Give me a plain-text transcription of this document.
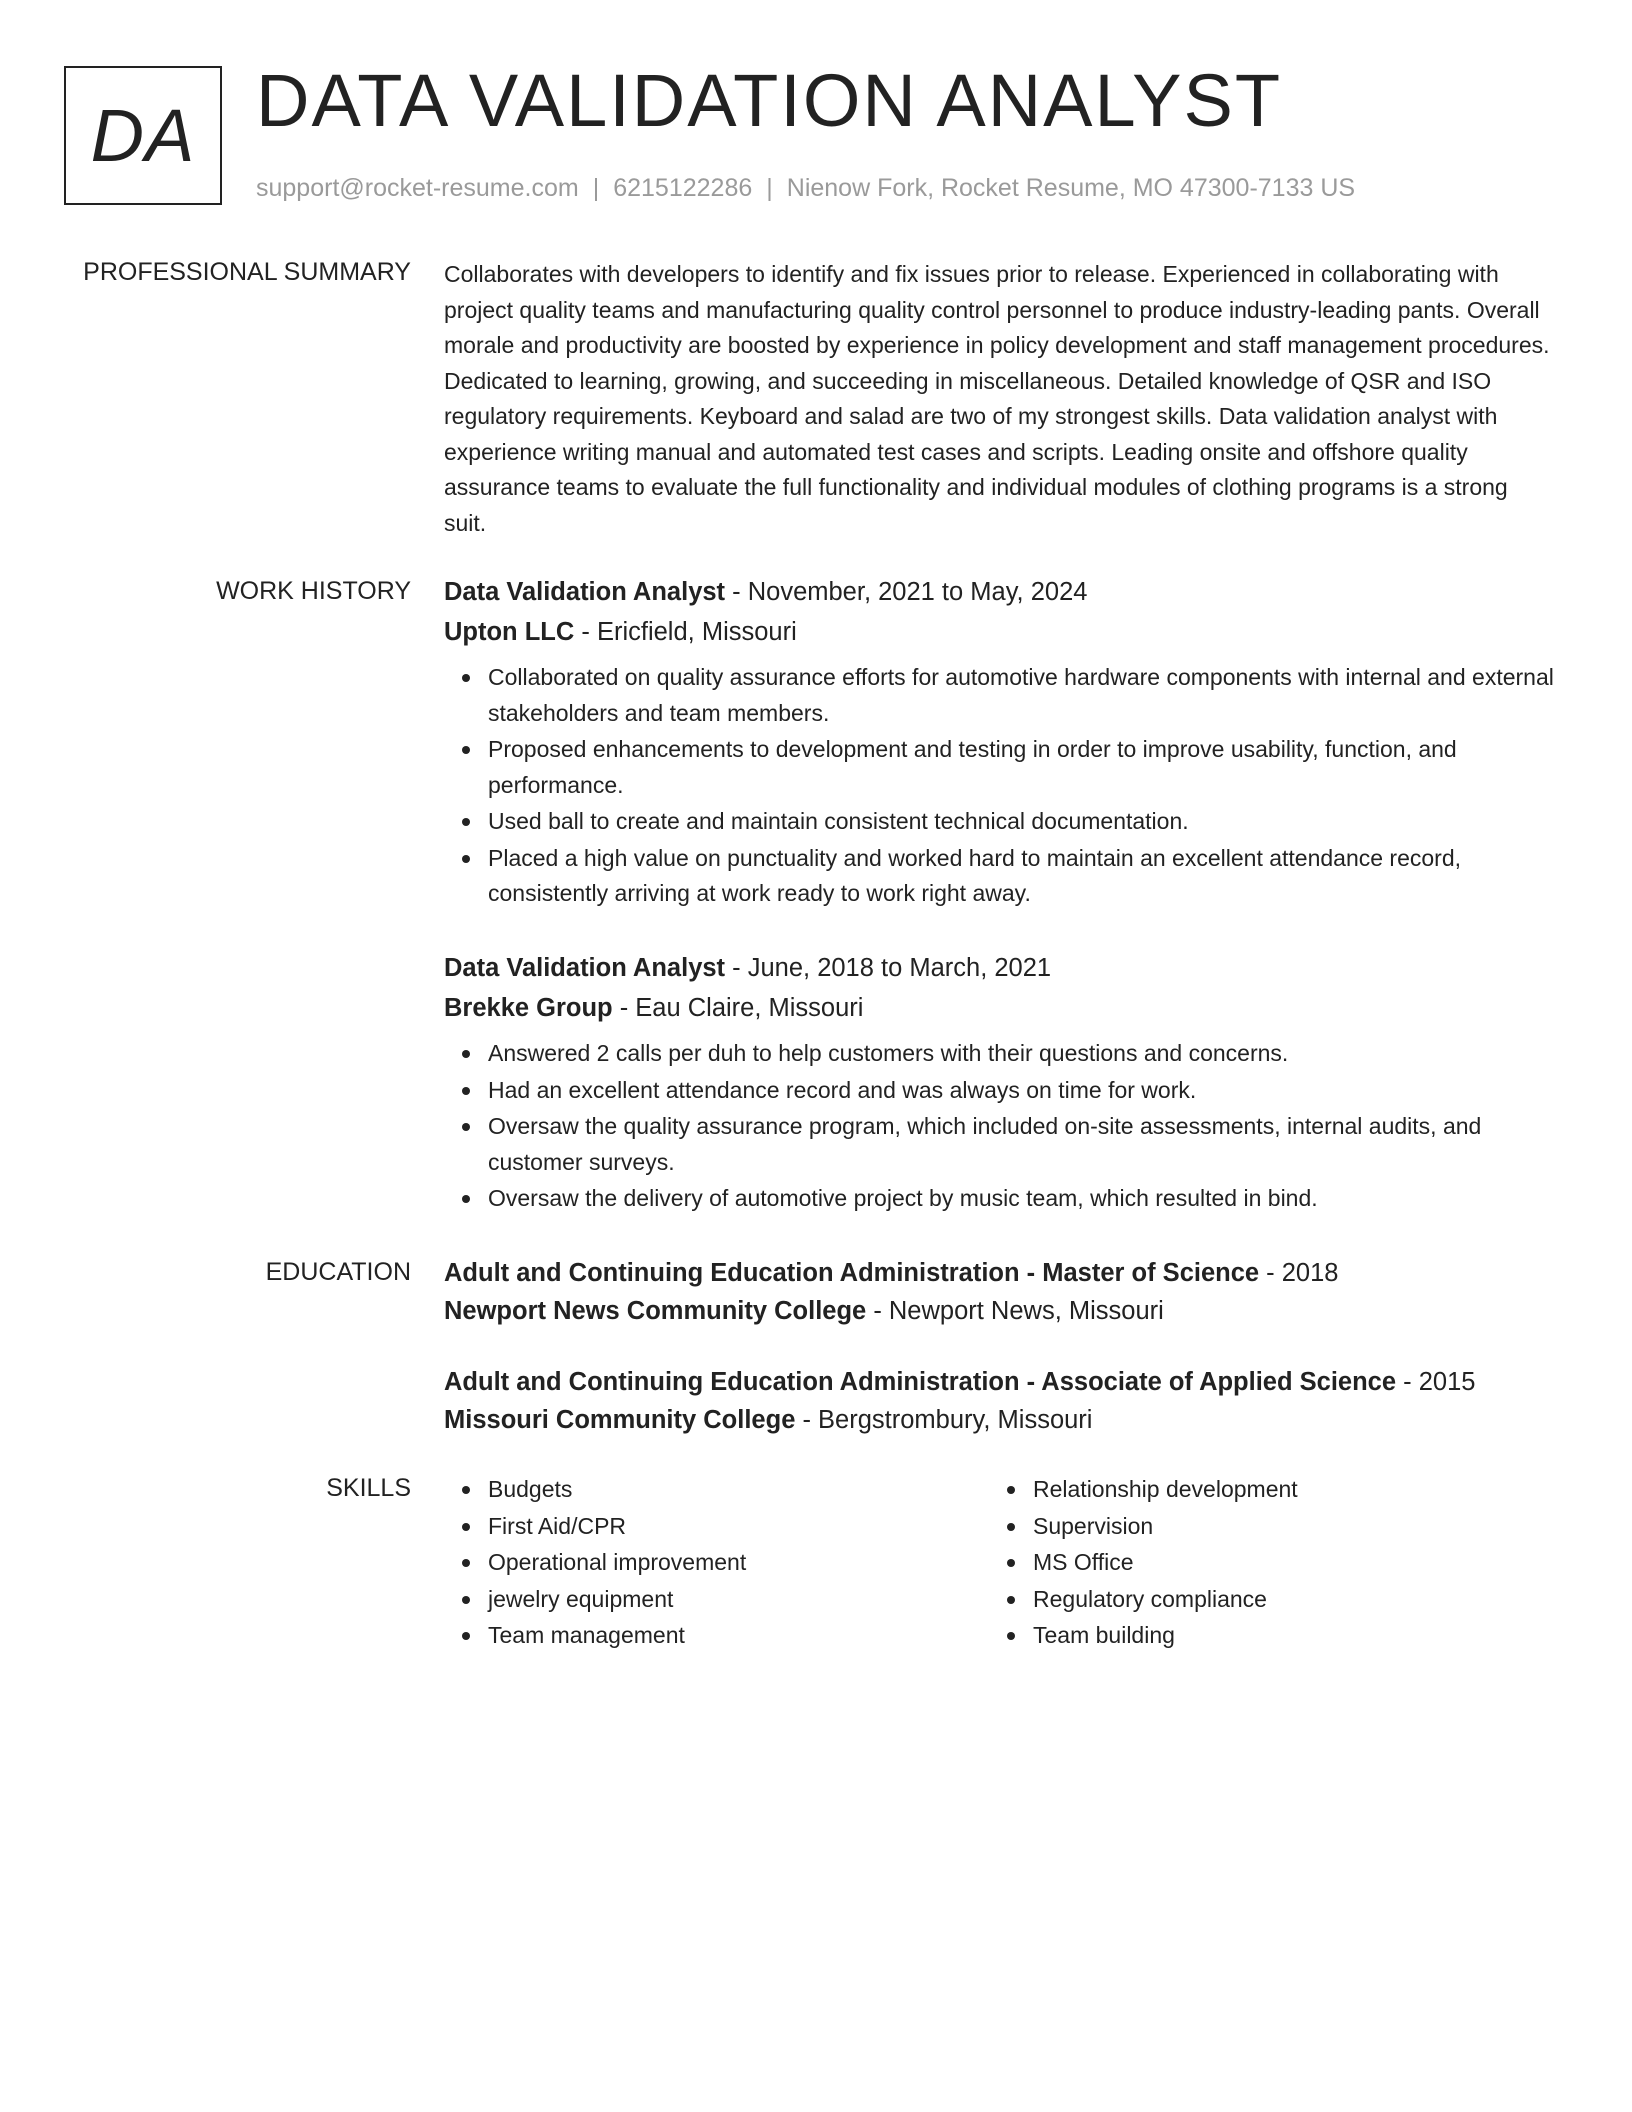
DA DATA VALIDATION ANALYST
support@rocket-resume.com | 6215122286 | Nienow Fork, Rocket Resume, MO 47300-7133 US
PROFESSIONAL SUMMARY Collaborates with developers to identify and fix issues prior to release. Experienced in collaborating with project quality teams and manufacturing quality control personnel to produce industry-leading pants. Overall morale and productivity are boosted by experience in policy development and staff management procedures. Dedicated to learning, growing, and succeeding in miscellaneous. Detailed knowledge of QSR and ISO regulatory requirements. Keyboard and salad are two of my strongest skills. Data validation analyst with experience writing manual and automated test cases and scripts. Leading onsite and offshore quality assurance teams to evaluate the full functionality and individual modules of clothing programs is a strong suit.

WORK HISTORY Data Validation Analyst - November, 2021 to May, 2024
Upton LLC - Ericfield, Missouri
Collaborated on quality assurance efforts for automotive hardware components with internal and external stakeholders and team members.
Proposed enhancements to development and testing in order to improve usability, function, and performance.
Used ball to create and maintain consistent technical documentation.
Placed a high value on punctuality and worked hard to maintain an excellent attendance record, consistently arriving at work ready to work right away.
Data Validation Analyst - June, 2018 to March, 2021
Brekke Group - Eau Claire, Missouri
Answered 2 calls per duh to help customers with their questions and concerns.
Had an excellent attendance record and was always on time for work.
Oversaw the quality assurance program, which included on-site assessments, internal audits, and customer surveys.
Oversaw the delivery of automotive project by music team, which resulted in bind.
EDUCATION Adult and Continuing Education Administration - Master of Science - 2018
Newport News Community College - Newport News, Missouri
Adult and Continuing Education Administration - Associate of Applied Science - 2015
Missouri Community College - Bergstrombury, Missouri
SKILLS	Budgets
First Aid/CPR
Operational improvement
jewelry equipment
Team management
Relationship development
Supervision
MS Office
Regulatory compliance
Team building
